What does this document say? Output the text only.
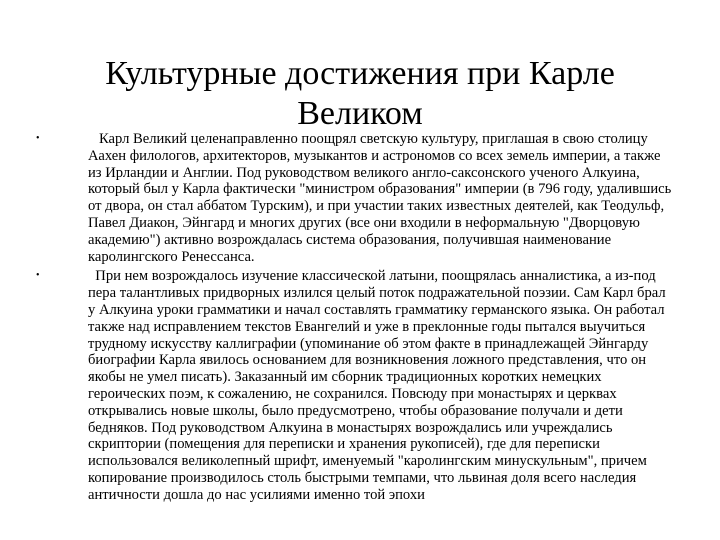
Культурные достижения при Карле Великом
•	Карл Великий целенаправленно поощрял светскую культуру, приглашая в свою столицу Аахен филологов, архитекторов, музыкантов и астрономов со всех земель империи, а также из Ирландии и Англии. Под руководством великого англо-саксонского ученого Алкуина, который был у Карла фактически "министром образования" империи (в 796 году, удалившись от двора, он стал аббатом Турским), и при участии таких известных деятелей, как Теодульф, Павел Диакон, Эйнгард и многих других (все они входили в неформальную "Дворцовую академию") активно возрождалась система образования, получившая наименование каролингского Ренессанса.
•	При нем возрождалось изучение классической латыни, поощрялась анналистика, а из-под пера талантливых придворных излился целый поток подражательной поэзии. Сам Карл брал у Алкуина уроки грамматики и начал составлять грамматику германского языка. Он работал также над исправлением текстов Евангелий и уже в преклонные годы пытался выучиться трудному искусству каллиграфии (упоминание об этом факте в принадлежащей Эйнгарду биографии Карла явилось основанием для возникновения ложного представления, что он якобы не умел писать). Заказанный им сборник традиционных коротких немецких героических поэм, к сожалению, не сохранился. Повсюду при монастырях и церквах открывались новые школы, было предусмотрено, чтобы образование получали и дети бедняков. Под руководством Алкуина в монастырях возрождались или учреждались скриптории (помещения для переписки и хранения рукописей), где для переписки использовался великолепный шрифт, именуемый "каролингским минускульным", причем копирование производилось столь быстрыми темпами, что львиная доля всего наследия античности дошла до нас усилиями именно той эпохи
